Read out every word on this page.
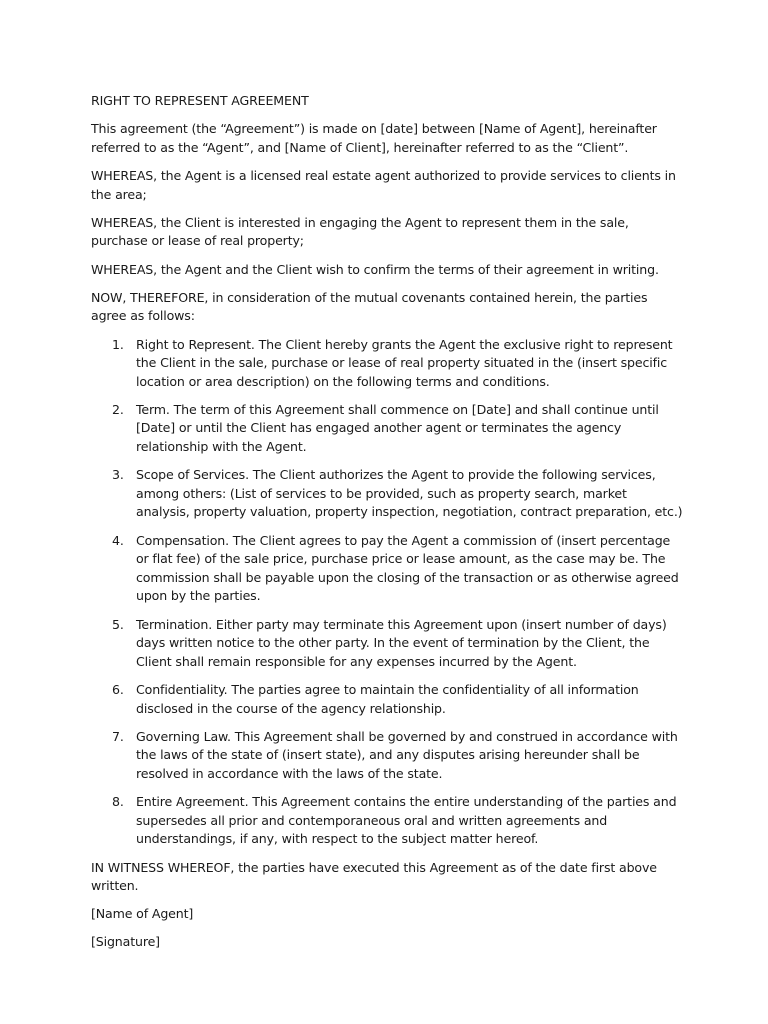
RIGHT TO REPRESENT AGREEMENT
This agreement (the “Agreement”) is made on [date] between [Name of Agent], hereinafter referred to as the “Agent”, and [Name of Client], hereinafter referred to as the “Client”.
WHEREAS, the Agent is a licensed real estate agent authorized to provide services to clients in the area;
WHEREAS, the Client is interested in engaging the Agent to represent them in the sale, purchase or lease of real property;
WHEREAS, the Agent and the Client wish to confirm the terms of their agreement in writing.
NOW, THEREFORE, in consideration of the mutual covenants contained herein, the parties agree as follows:
1. Right to Represent. The Client hereby grants the Agent the exclusive right to represent the Client in the sale, purchase or lease of real property situated in the (insert specific location or area description) on the following terms and conditions.
2. Term. The term of this Agreement shall commence on [Date] and shall continue until [Date] or until the Client has engaged another agent or terminates the agency relationship with the Agent.
3. Scope of Services. The Client authorizes the Agent to provide the following services, among others: (List of services to be provided, such as property search, market analysis, property valuation, property inspection, negotiation, contract preparation, etc.)
4. Compensation. The Client agrees to pay the Agent a commission of (insert percentage or flat fee) of the sale price, purchase price or lease amount, as the case may be. The commission shall be payable upon the closing of the transaction or as otherwise agreed upon by the parties.
5. Termination. Either party may terminate this Agreement upon (insert number of days) days written notice to the other party. In the event of termination by the Client, the Client shall remain responsible for any expenses incurred by the Agent.
6. Confidentiality. The parties agree to maintain the confidentiality of all information disclosed in the course of the agency relationship.
7. Governing Law. This Agreement shall be governed by and construed in accordance with the laws of the state of (insert state), and any disputes arising hereunder shall be resolved in accordance with the laws of the state.
8. Entire Agreement. This Agreement contains the entire understanding of the parties and supersedes all prior and contemporaneous oral and written agreements and understandings, if any, with respect to the subject matter hereof.
IN WITNESS WHEREOF, the parties have executed this Agreement as of the date first above written.
[Name of Agent]
[Signature]
